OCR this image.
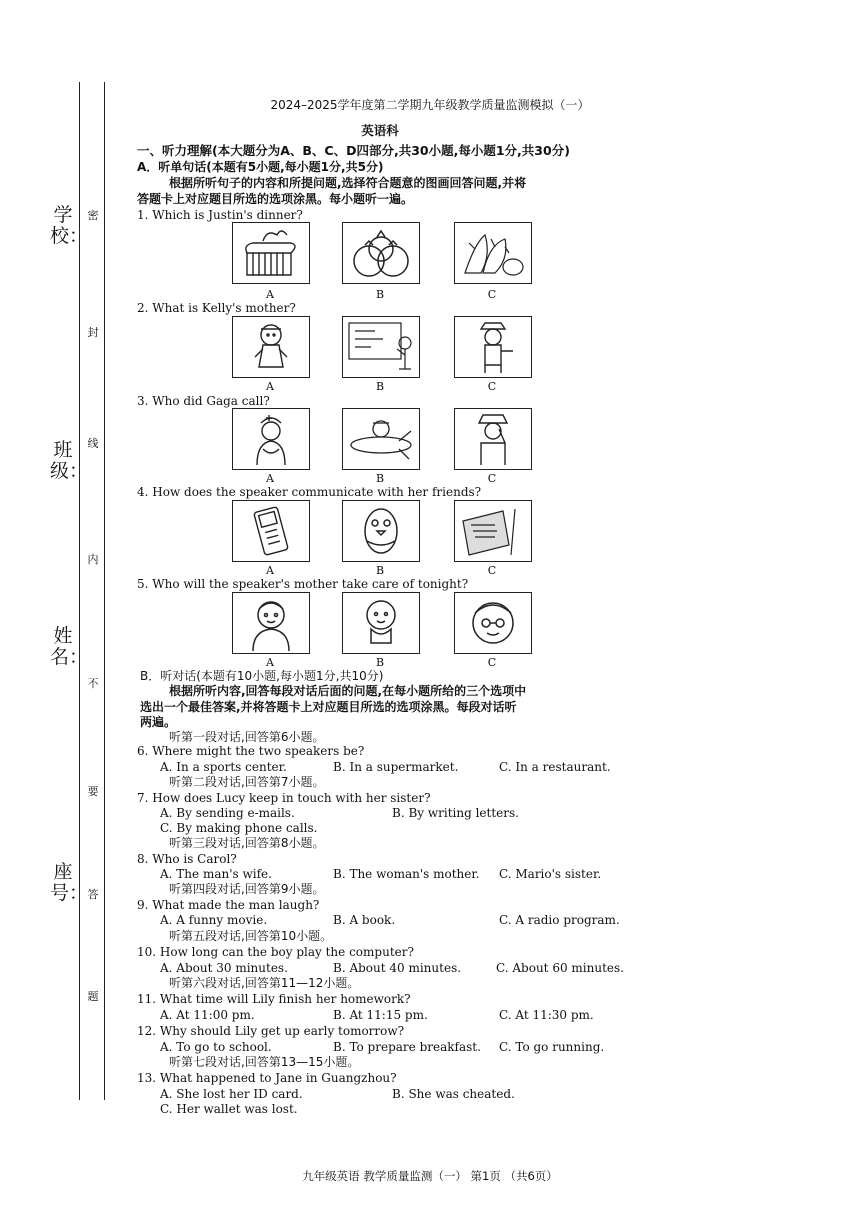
密
封
线
内
不
要
答
题
学校：
班级：
姓名：
座号：
2024–2025学年度第二学期九年级教学质量监测模拟（一）
英语科
一、听力理解(本大题分为A、B、C、D四部分,共30小题,每小题1分,共30分)
A．听单句话(本题有5小题,每小题1分,共5分)
根据所听句子的内容和所提问题,选择符合题意的图画回答问题,并将
答题卡上对应题目所选的选项涂黑。每小题听一遍。
1. Which is Justin's dinner?
A	B	C
2. What is Kelly's mother?
A	B	C
3. Who did Gaga call?
A	B	C
4. How does the speaker communicate with her friends?
A	B	C
5. Who will the speaker's mother take care of tonight?
A	B	C
B．听对话(本题有10小题,每小题1分,共10分)
根据所听内容,回答每段对话后面的问题,在每小题所给的三个选项中
选出一个最佳答案,并将答题卡上对应题目所选的选项涂黑。每段对话听
两遍。
听第一段对话,回答第6小题。
6. Where might the two speakers be?
A. In a sports center.	B. In a supermarket.	C. In a restaurant.
听第二段对话,回答第7小题。
7. How does Lucy keep in touch with her sister?
A. By sending e-mails.	B. By writing letters.
C. By making phone calls.
听第三段对话,回答第8小题。
8. Who is Carol?
A. The man's wife.	B. The woman's mother. C. Mario's sister.
听第四段对话,回答第9小题。
9. What made the man laugh?
A. A funny movie.	B. A book.	C. A radio program.
听第五段对话,回答第10小题。
10. How long can the boy play the computer?
A. About 30 minutes.	B. About 40 minutes.	C. About 60 minutes.
听第六段对话,回答第11—12小题。
11. What time will Lily finish her homework?
A. At 11:00 pm.	B. At 11:15 pm.	C. At 11:30 pm.
12. Why should Lily get up early tomorrow?
A. To go to school.	B. To prepare breakfast. C. To go running.
听第七段对话,回答第13—15小题。
13. What happened to Jane in Guangzhou?
A. She lost her ID card.	B. She was cheated.
C. Her wallet was lost.
九年级英语 教学质量监测（一） 第1页 （共6页）
